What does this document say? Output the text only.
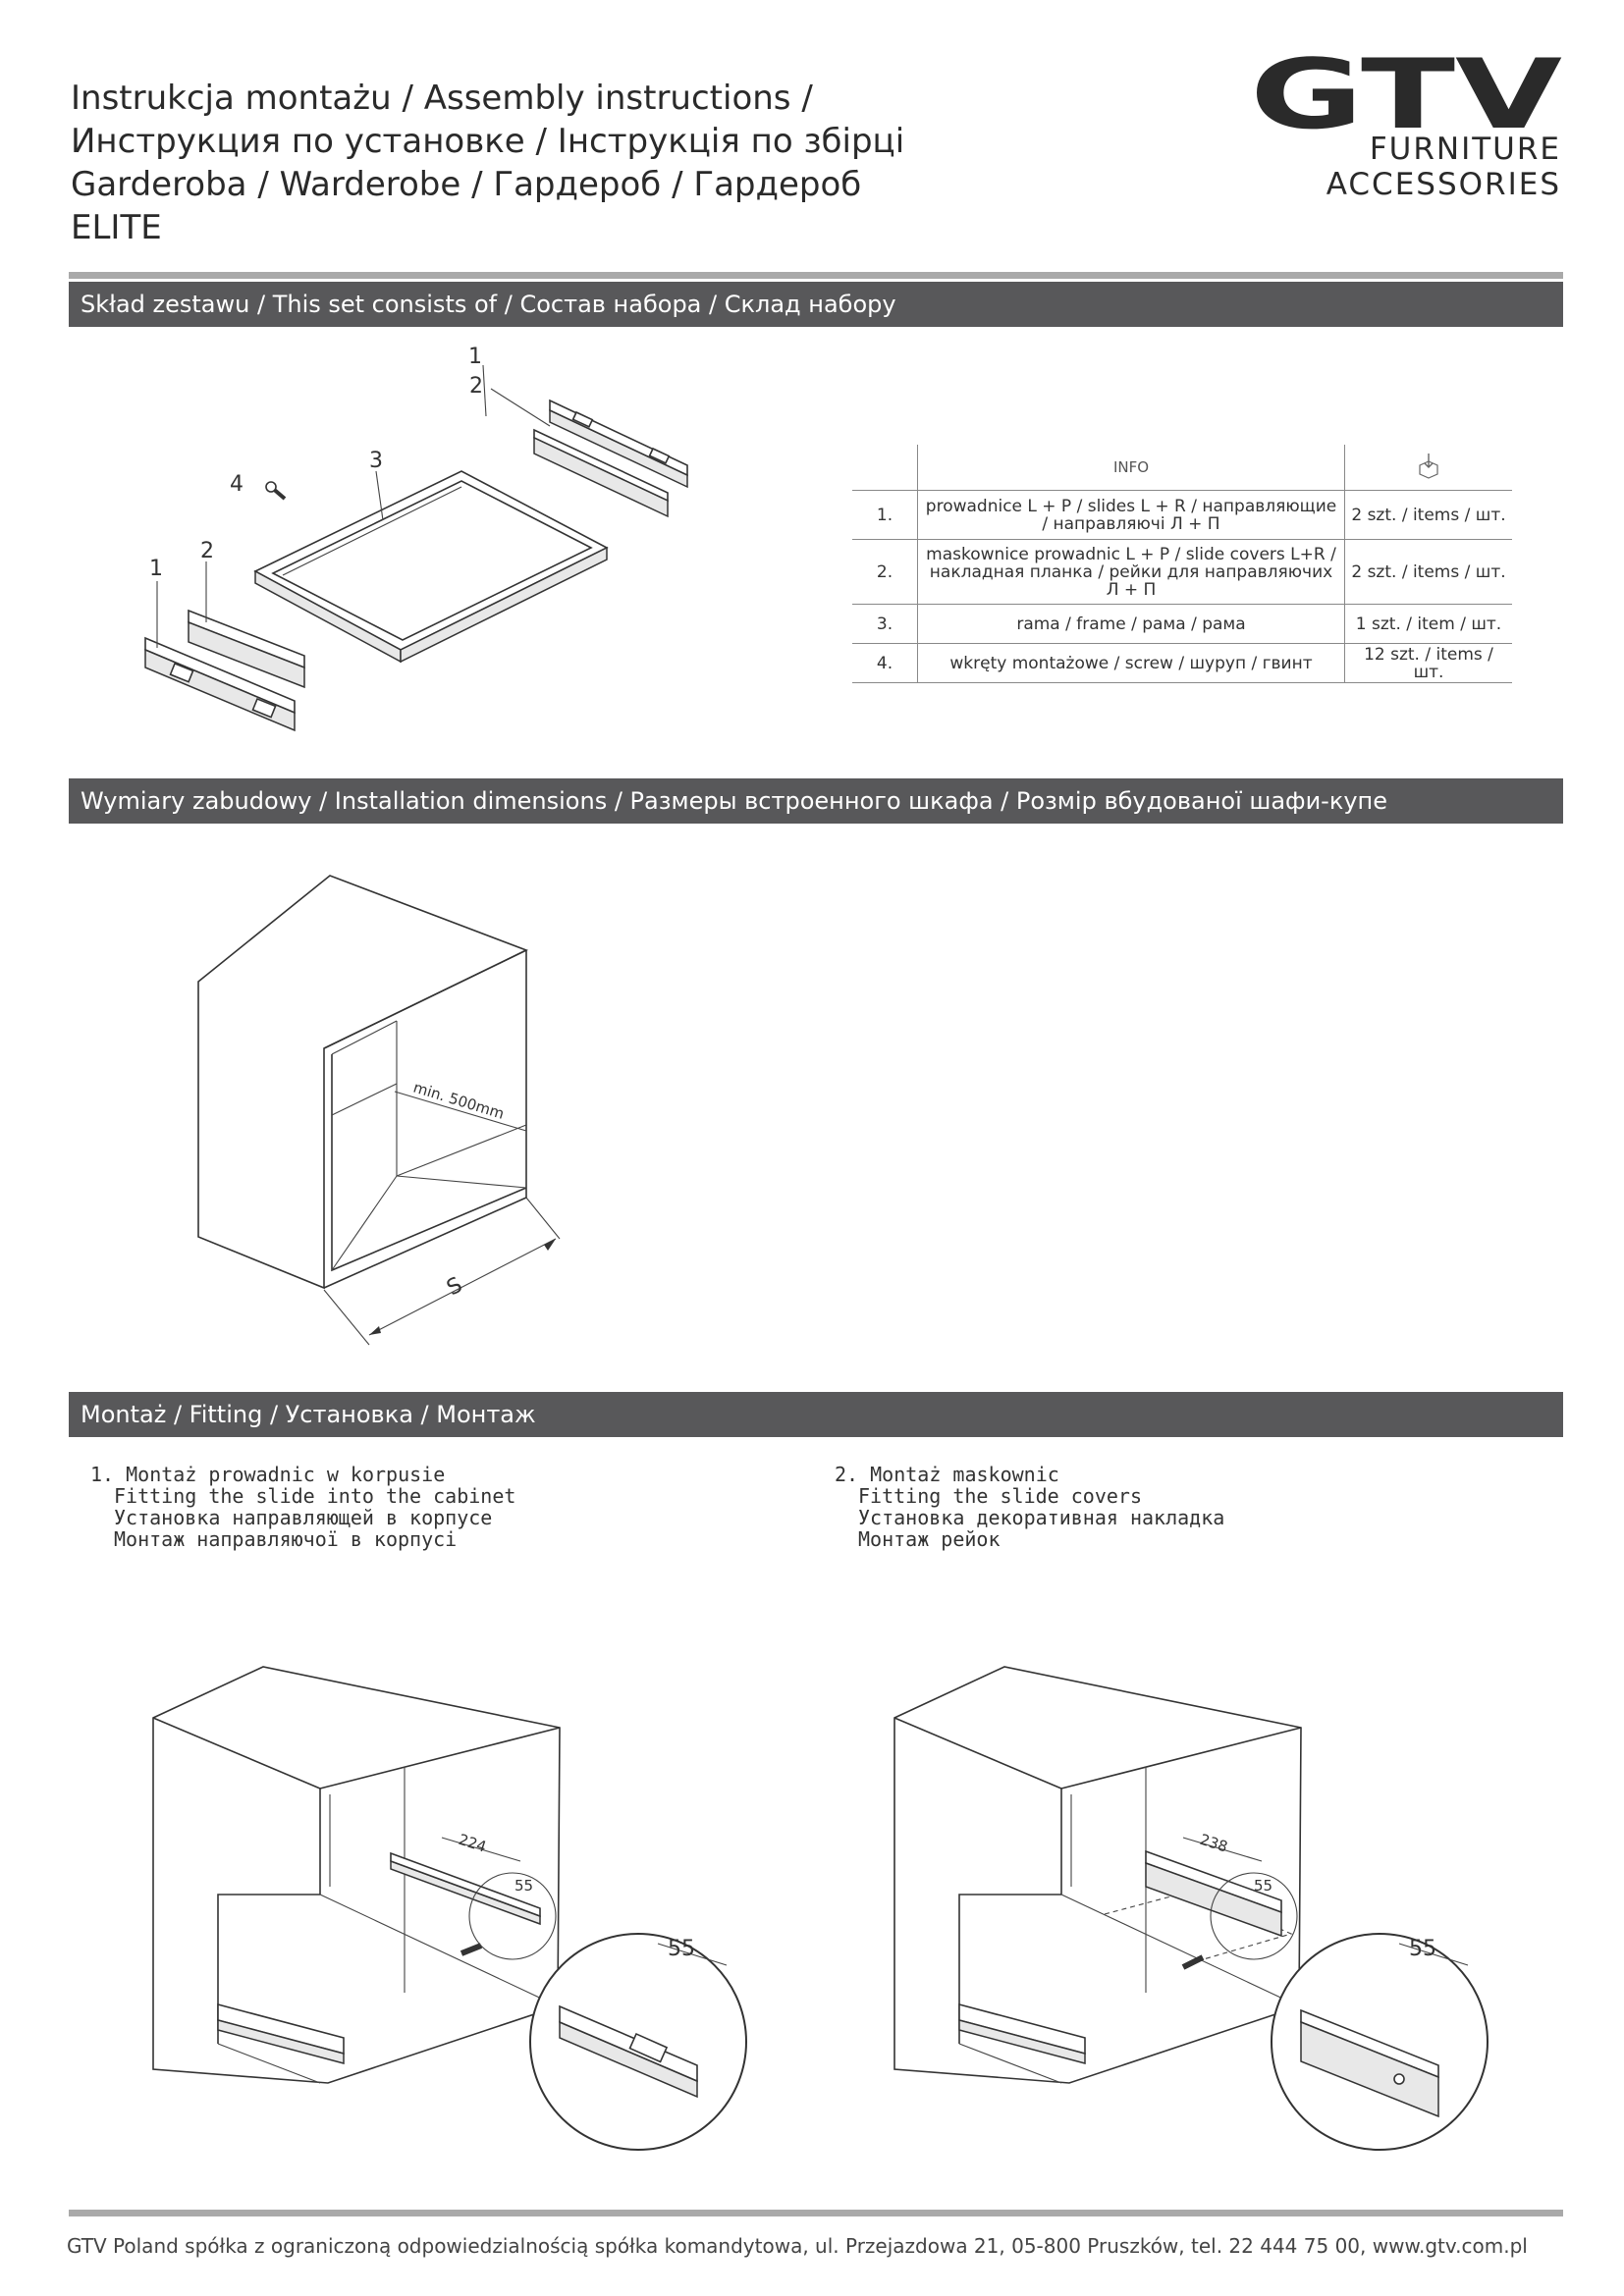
Instrukcja montażu / Assembly instructions /
Инструкция по установке / Інструкція по збірці
Garderoba / Warderobe / Гардероб / Гардероб
ELITE
GTV
FURNITURE
ACCESSORIES
Skład zestawu / This set consists of / Состав набора / Склад набору
1
2
3
4
2
1
	INFO	
1.	prowadnice L + P / slides L + R / направляющие / направляючі Л + П	2 szt. / items / шт.
2.	maskownice prowadnic L + P / slide covers L+R / накладная планка / рейки для направляючих Л + П	2 szt. / items / шт.
3.	rama / frame / рама / рама	1 szt. / item / шт.
4.	wkręty montażowe / screw / шуруп / гвинт	12 szt. / items / шт.
Wymiary zabudowy / Installation dimensions / Размеры встроенного шкафа / Розмір вбудованої шафи-купе
min. 500mm
S
Montaż / Fitting / Установка / Монтаж
1. Montaż prowadnic w korpusie
Fitting the slide into the cabinet
Установка направляющей в корпусе
Монтаж направляючої в корпусі
2. Montaż maskownic
Fitting the slide covers
Установка декоративная накладка
Монтаж рейок
224
55
55
238
55
55
GTV Poland spółka z ograniczoną odpowiedzialnością spółka komandytowa, ul. Przejazdowa 21, 05-800 Pruszków, tel. 22 444 75 00, www.gtv.com.pl
